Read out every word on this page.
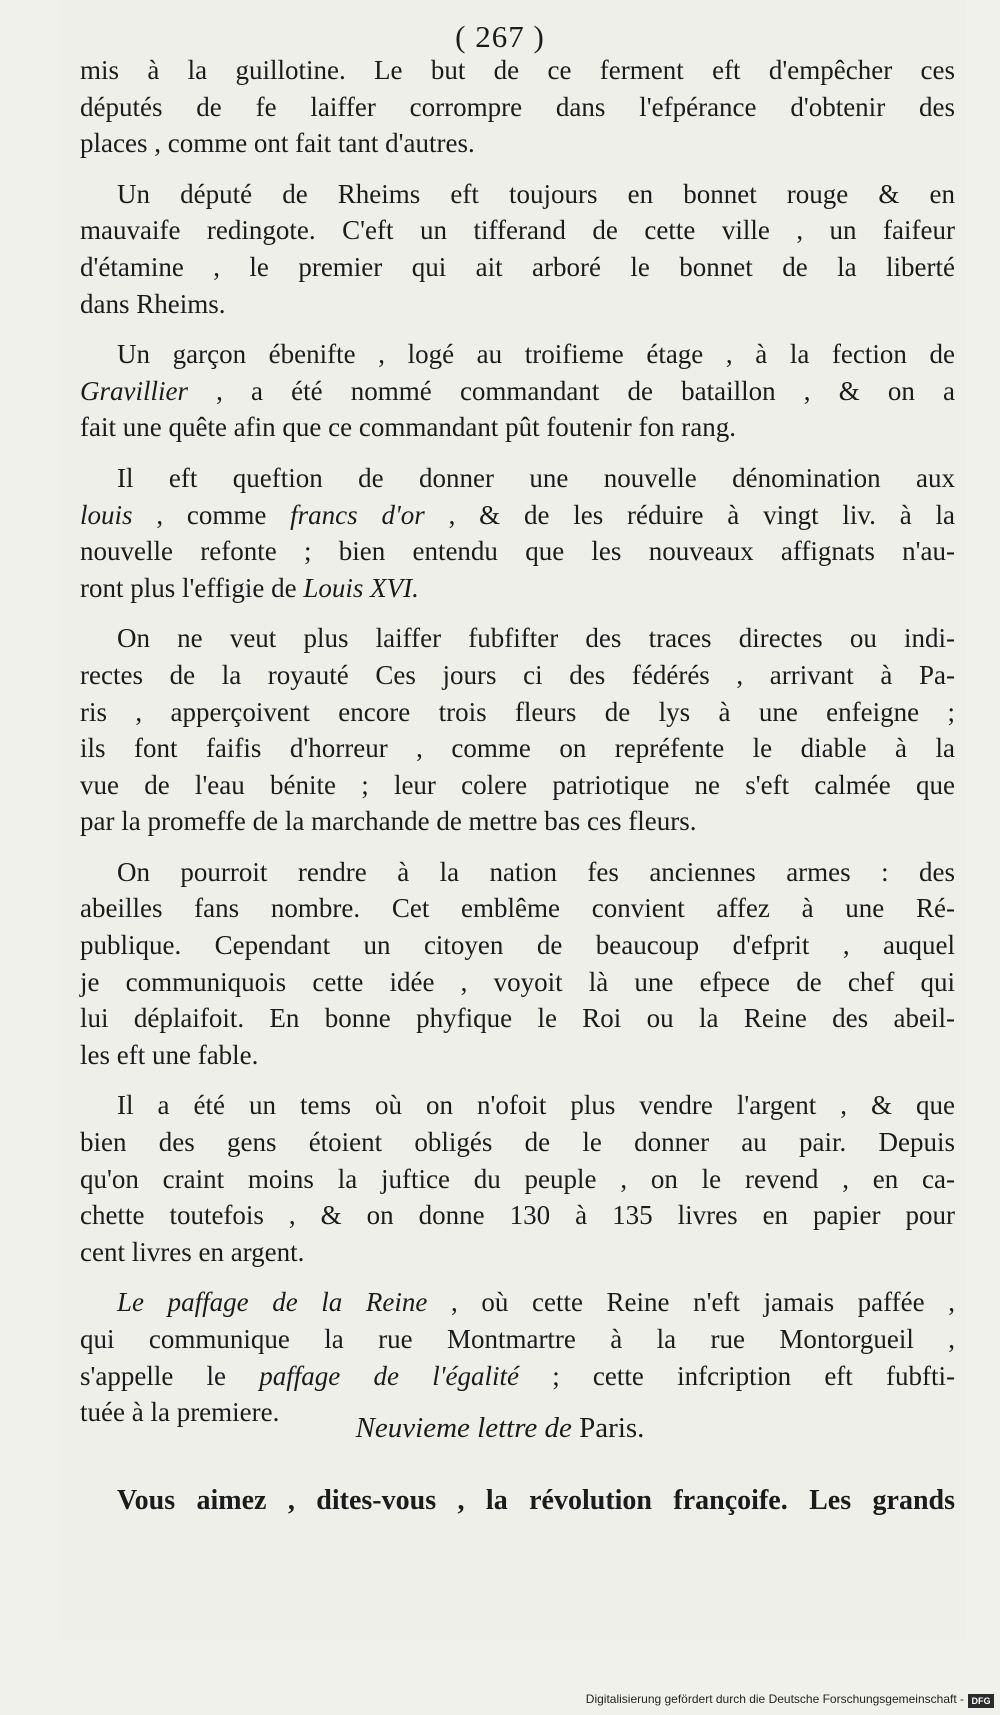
( 267 )
mis à la guillotine. Le but de ce ferment eft d'empêcher ces
députés de fe laiffer corrompre dans l'efpérance d'obtenir des
places , comme ont fait tant d'autres.
Un député de Rheims eft toujours en bonnet rouge & en
mauvaife redingote. C'eft un tifferand de cette ville , un faifeur
d'étamine , le premier qui ait arboré le bonnet de la liberté
dans Rheims.
Un garçon ébenifte , logé au troifieme étage , à la fection de
Gravillier , a été nommé commandant de bataillon , & on a
fait une quête afin que ce commandant pût foutenir fon rang.
Il eft queftion de donner une nouvelle dénomination aux
louis , comme francs d'or , & de les réduire à vingt liv. à la
nouvelle refonte ; bien entendu que les nouveaux affignats n'au-
ront plus l'effigie de Louis XVI.
On ne veut plus laiffer fubfifter des traces directes ou indi-
rectes de la royauté Ces jours ci des fédérés , arrivant à Pa-
ris , apperçoivent encore trois fleurs de lys à une enfeigne ;
ils font faifis d'horreur , comme on repréfente le diable à la
vue de l'eau bénite ; leur colere patriotique ne s'eft calmée que
par la promeffe de la marchande de mettre bas ces fleurs.
On pourroit rendre à la nation fes anciennes armes : des
abeilles fans nombre. Cet emblême convient affez à une Ré-
publique. Cependant un citoyen de beaucoup d'efprit , auquel
je communiquois cette idée , voyoit là une efpece de chef qui
lui déplaifoit. En bonne phyfique le Roi ou la Reine des abeil-
les eft une fable.
Il a été un tems où on n'ofoit plus vendre l'argent , & que
bien des gens étoient obligés de le donner au pair. Depuis
qu'on craint moins la juftice du peuple , on le revend , en ca-
chette toutefois , & on donne 130 à 135 livres en papier pour
cent livres en argent.
Le paffage de la Reine , où cette Reine n'eft jamais paffée ,
qui communique la rue Montmartre à la rue Montorgueil ,
s'appelle le paffage de l'égalité ; cette infcription eft fubfti-
tuée à la premiere.	Neuvieme lettre de Paris.
Vous aimez , dites-vous , la révolution françoife. Les grands
Digitalisierung gefördert durch die Deutsche Forschungsgemeinschaft - DFG
